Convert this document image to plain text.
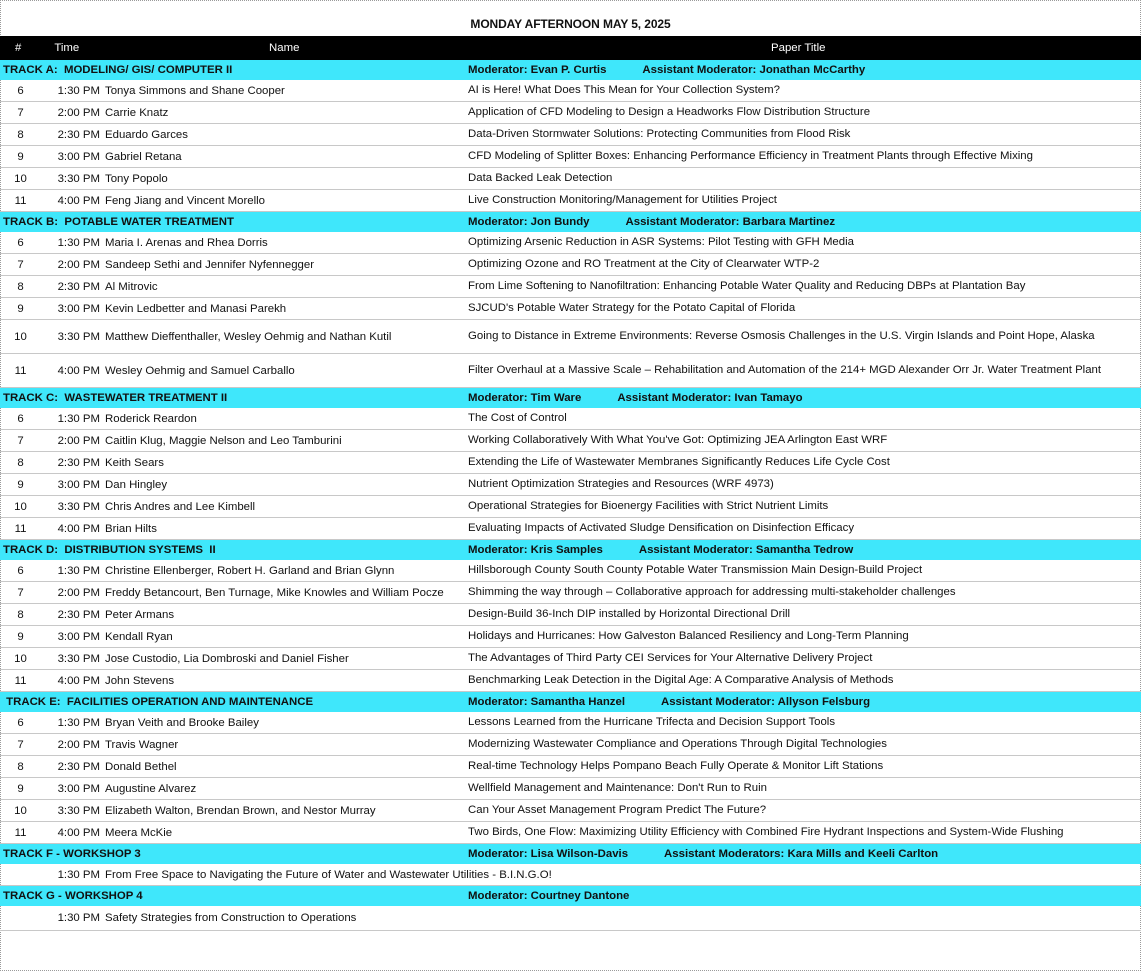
MONDAY AFTERNOON MAY 5, 2025
# Time		Name	Paper Title
TRACK A:  MODELING/ GIS/ COMPUTER II			Moderator: Evan P. Curtis Assistant Moderator: Jonathan McCarthy
6	1:30 PM	Tonya Simmons and Shane Cooper	AI is Here! What Does This Mean for Your Collection System?
7	2:00 PM	Carrie Knatz	Application of CFD Modeling to Design a Headworks Flow Distribution Structure
8	2:30 PM	Eduardo Garces	Data-Driven Stormwater Solutions: Protecting Communities from Flood Risk
9	3:00 PM	Gabriel Retana	CFD Modeling of Splitter Boxes: Enhancing Performance Efficiency in Treatment Plants through Effective Mixing
10	3:30 PM	Tony Popolo	Data Backed Leak Detection
11	4:00 PM	Feng Jiang and Vincent Morello	Live Construction Monitoring/Management for Utilities Project
TRACK B:  POTABLE WATER TREATMENT			Moderator: Jon Bundy Assistant Moderator: Barbara Martinez
6	1:30 PM	Maria I. Arenas and Rhea Dorris	Optimizing Arsenic Reduction in ASR Systems: Pilot Testing with GFH Media
7	2:00 PM	Sandeep Sethi and Jennifer Nyfennegger	Optimizing Ozone and RO Treatment at the City of Clearwater WTP-2
8	2:30 PM	Al Mitrovic	From Lime Softening to Nanofiltration: Enhancing Potable Water Quality and Reducing DBPs at Plantation Bay
9	3:00 PM	Kevin Ledbetter and Manasi Parekh	SJCUD's Potable Water Strategy for the Potato Capital of Florida
10	3:30 PM	Matthew Dieffenthaller, Wesley Oehmig and Nathan Kutil	Going to Distance in Extreme Environments: Reverse Osmosis Challenges in the U.S. Virgin Islands and Point Hope, Alaska
11	4:00 PM	Wesley Oehmig and Samuel Carballo	Filter Overhaul at a Massive Scale – Rehabilitation and Automation of the 214+ MGD Alexander Orr Jr. Water Treatment Plant
TRACK C:  WASTEWATER TREATMENT II			Moderator: Tim Ware Assistant Moderator: Ivan Tamayo
6	1:30 PM	Roderick Reardon	The Cost of Control
7	2:00 PM	Caitlin Klug, Maggie Nelson and Leo Tamburini	Working Collaboratively With What You've Got: Optimizing JEA Arlington East WRF
8	2:30 PM	Keith Sears	Extending the Life of Wastewater Membranes Significantly Reduces Life Cycle Cost
9	3:00 PM	Dan Hingley	Nutrient Optimization Strategies and Resources (WRF 4973)
10	3:30 PM	Chris Andres and Lee Kimbell	Operational Strategies for Bioenergy Facilities with Strict Nutrient Limits
11	4:00 PM	Brian Hilts	Evaluating Impacts of Activated Sludge Densification on Disinfection Efficacy
TRACK D:  DISTRIBUTION SYSTEMS  II			Moderator: Kris Samples Assistant Moderator: Samantha Tedrow
6	1:30 PM	Christine Ellenberger, Robert H. Garland and Brian Glynn	Hillsborough County South County Potable Water Transmission Main Design-Build Project
7	2:00 PM	Freddy Betancourt, Ben Turnage, Mike Knowles and William Pocze	Shimming the way through – Collaborative approach for addressing multi-stakeholder challenges
8	2:30 PM	Peter Armans	Design-Build 36-Inch DIP installed by Horizontal Directional Drill
9	3:00 PM	Kendall Ryan	Holidays and Hurricanes: How Galveston Balanced Resiliency and Long-Term Planning
10	3:30 PM	Jose Custodio, Lia Dombroski and Daniel Fisher	The Advantages of Third Party CEI Services for Your Alternative Delivery Project
11	4:00 PM	John Stevens	Benchmarking Leak Detection in the Digital Age: A Comparative Analysis of Methods
TRACK E:  FACILITIES OPERATION AND MAINTENANCE			Moderator: Samantha Hanzel Assistant Moderator: Allyson Felsburg
6	1:30 PM	Bryan Veith and Brooke Bailey	Lessons Learned from the Hurricane Trifecta and Decision Support Tools
7	2:00 PM	Travis Wagner	Modernizing Wastewater Compliance and Operations Through Digital Technologies
8	2:30 PM	Donald Bethel	Real-time Technology Helps Pompano Beach Fully Operate & Monitor Lift Stations
9	3:00 PM	Augustine Alvarez	Wellfield Management and Maintenance: Don't Run to Ruin
10	3:30 PM	Elizabeth Walton, Brendan Brown, and Nestor Murray	Can Your Asset Management Program Predict The Future?
11	4:00 PM	Meera McKie	Two Birds, One Flow: Maximizing Utility Efficiency with Combined Fire Hydrant Inspections and System-Wide Flushing
TRACK F - WORKSHOP 3			Moderator: Lisa Wilson-Davis Assistant Moderators: Kara Mills and Keeli Carlton
	1:30 PM	From Free Space to Navigating the Future of Water and Wastewater Utilities - B.I.N.G.O!	
TRACK G - WORKSHOP 4			Moderator: Courtney Dantone
	1:30 PM	Safety Strategies from Construction to Operations	
